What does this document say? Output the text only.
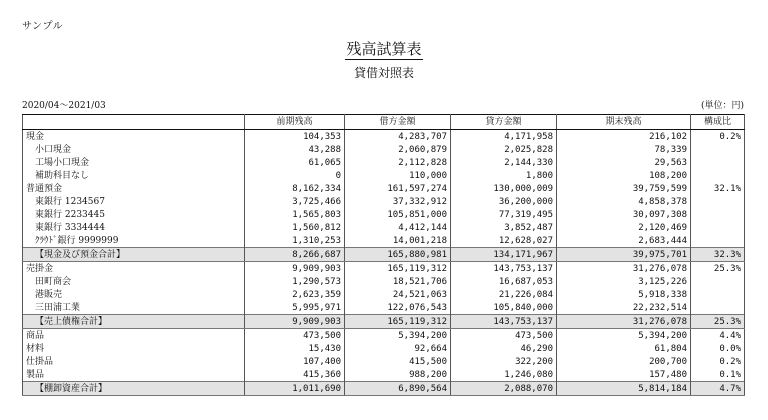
サンプル
残高試算表
貸借対照表
2020/04～2021/03	(単位：円)
	前期残高	借方金額	貸方金額	期末残高	構成比
現金	104,353	4,283,707	4,171,958	216,102	0.2%
小口現金	43,288	2,060,879	2,025,828	78,339	
工場小口現金	61,065	2,112,828	2,144,330	29,563	
補助科目なし	0	110,000	1,800	108,200	
普通預金	8,162,334	161,597,274	130,000,009	39,759,599	32.1%
東銀行 1234567	3,725,466	37,332,912	36,200,000	4,858,378	
東銀行 2233445	1,565,803	105,851,000	77,319,495	30,097,308	
東銀行 3334444	1,560,812	4,412,144	3,852,487	2,120,469	
ｸﾗｳﾄﾞ銀行 9999999	1,310,253	14,001,218	12,628,027	2,683,444	
【現金及び預金合計】	8,266,687	165,880,981	134,171,967	39,975,701	32.3%
売掛金	9,909,903	165,119,312	143,753,137	31,276,078	25.3%
田町商会	1,290,573	18,521,706	16,687,053	3,125,226	
港販売	2,623,359	24,521,063	21,226,084	5,918,338	
三田浦工業	5,995,971	122,076,543	105,840,000	22,232,514	
【売上債権合計】	9,909,903	165,119,312	143,753,137	31,276,078	25.3%
商品	473,500	5,394,200	473,500	5,394,200	4.4%
材料	15,430	92,664	46,290	61,804	0.0%
仕掛品	107,400	415,500	322,200	200,700	0.2%
製品	415,360	988,200	1,246,080	157,480	0.1%
【棚卸資産合計】	1,011,690	6,890,564	2,088,070	5,814,184	4.7%
